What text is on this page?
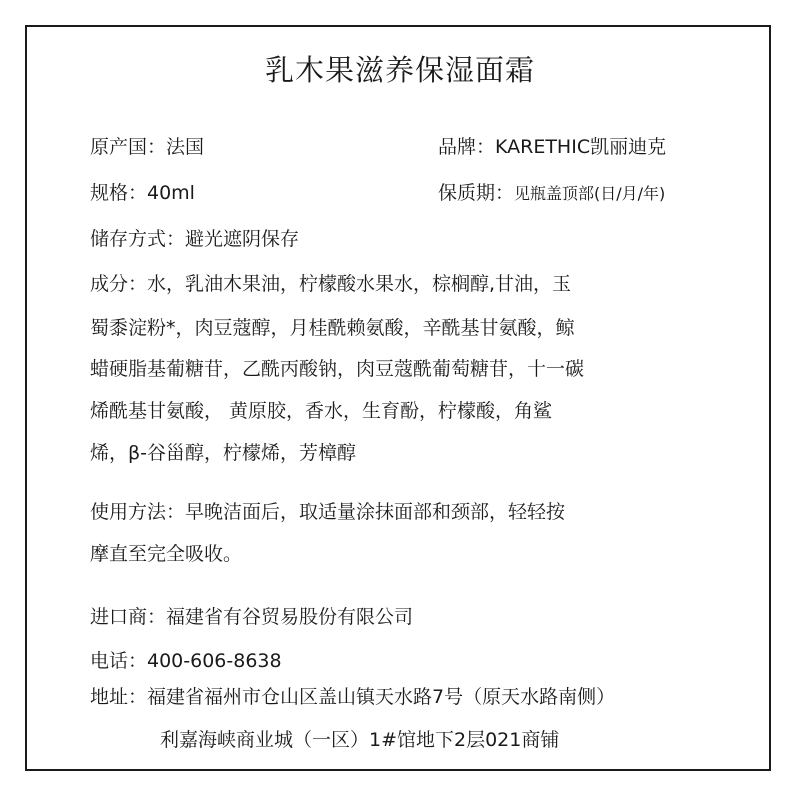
乳木果滋养保湿面霜
原产国：法国	品牌：KARETHIC凯丽迪克
规格：40ml	保质期：见瓶盖顶部(日/月/年)
储存方式：避光遮阴保存
成分：水，乳油木果油，柠檬酸水果水，棕榈醇,甘油，玉
蜀黍淀粉*，肉豆蔻醇，月桂酰赖氨酸，辛酰基甘氨酸，鲸
蜡硬脂基葡糖苷，乙酰丙酸钠，肉豆蔻酰葡萄糖苷，十一碳
烯酰基甘氨酸， 黄原胶，香水，生育酚，柠檬酸，角鲨
烯，β-谷甾醇，柠檬烯，芳樟醇
使用方法：早晚洁面后，取适量涂抹面部和颈部，轻轻按
摩直至完全吸收。
进口商：福建省有谷贸易股份有限公司
电话：400-606-8638
地址：福建省福州市仓山区盖山镇天水路7号（原天水路南侧）
利嘉海峡商业城（一区）1#馆地下2层021商铺
